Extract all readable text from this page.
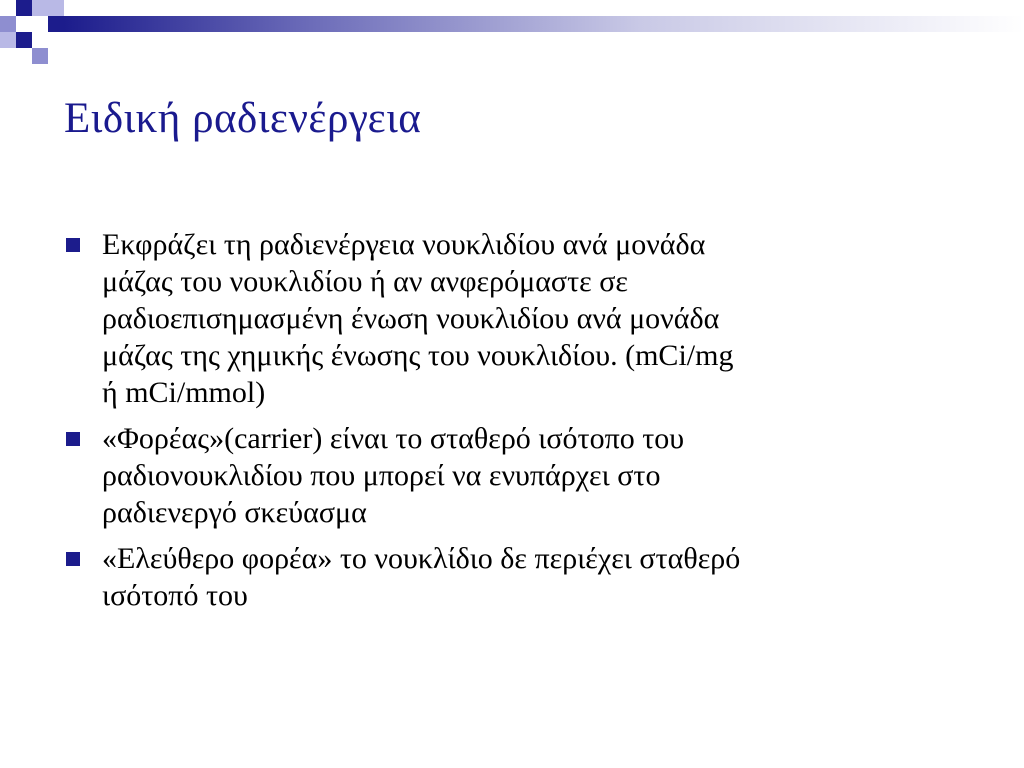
Ειδική ραδιενέργεια
Εκφράζει τη ραδιενέργεια νουκλιδίου ανά μονάδα
μάζας του νουκλιδίου ή αν ανφερόμαστε σε
ραδιοεπισημασμένη ένωση νουκλιδίου ανά μονάδα
μάζας της χημικής ένωσης του νουκλιδίου. (mCi/mg
ή mCi/mmol)
«Φορέας»(carrier) είναι το σταθερό ισότοπο του
ραδιονουκλιδίου που μπορεί να ενυπάρχει στο
ραδιενεργό σκεύασμα
«Ελεύθερο φορέα» το νουκλίδιο δε περιέχει σταθερό
ισότοπό του
